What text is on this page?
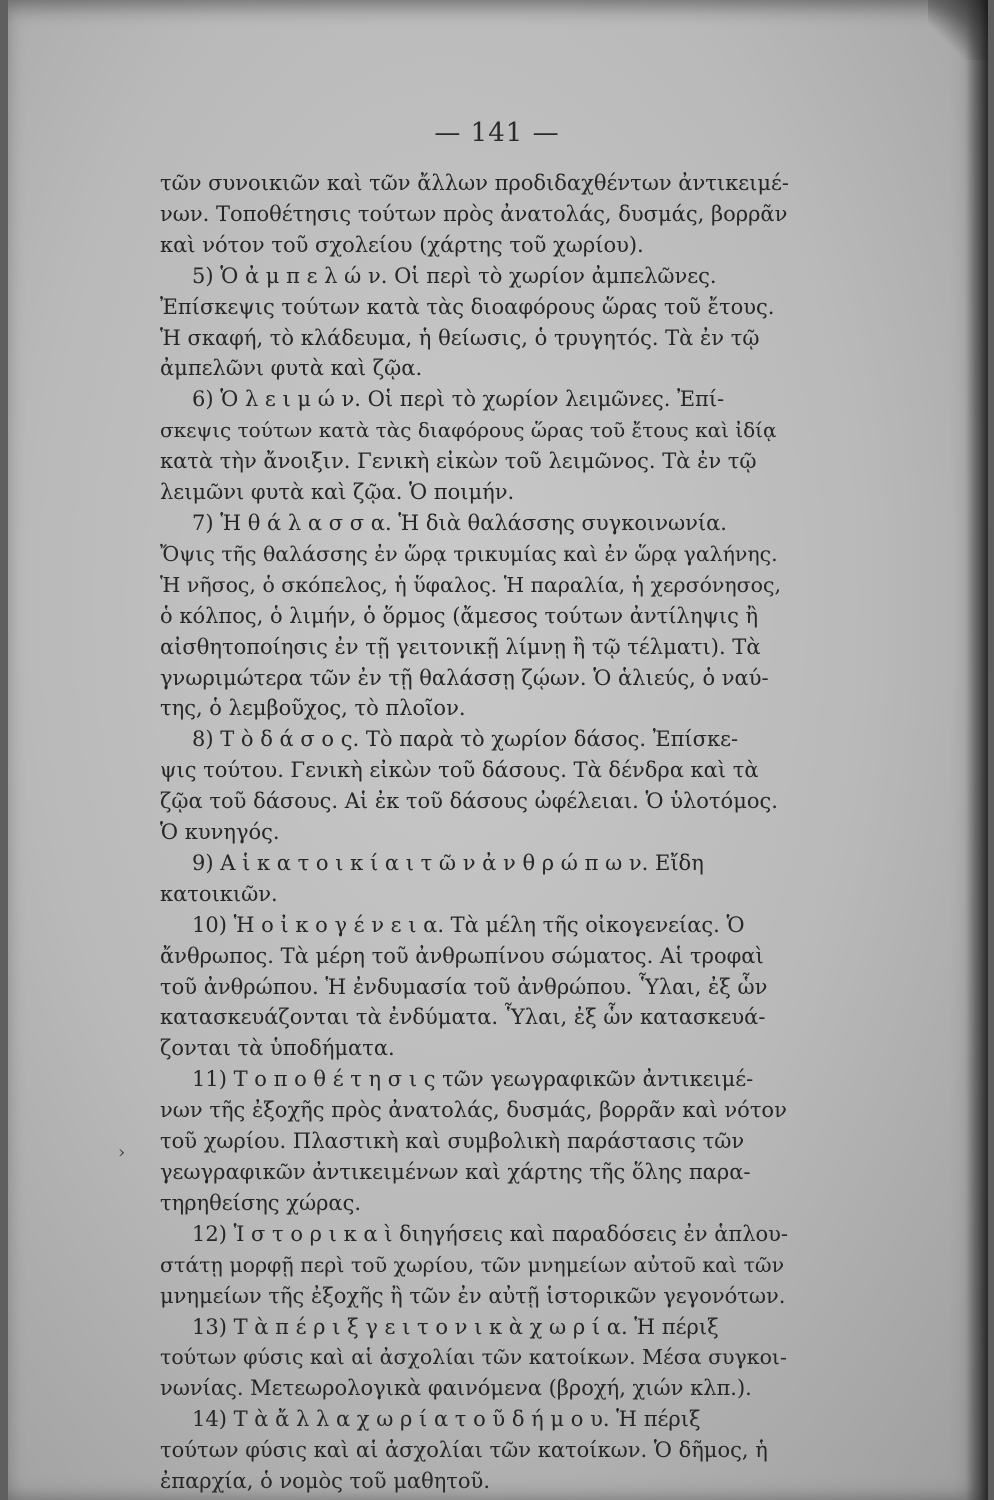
— 141 —
›
τῶν συνοικιῶν καὶ τῶν ἄλλων προδιδαχθέντων ἀντικειμέ-
νων. Τοποθέτησις τούτων πρὸς ἀνατολάς, δυσμάς, βορρᾶν
καὶ νότον τοῦ σχολείου (χάρτης τοῦ χωρίου).
5) Ὁ ἀ μ π ε λ ώ ν. Οἱ περὶ τὸ χωρίον ἀμπελῶνες.
Ἐπίσκεψις τούτων κατὰ τὰς διοαφόρους ὥρας τοῦ ἔτους.
Ἡ σκαφή, τὸ κλάδευμα, ἡ θείωσις, ὁ τρυγητός. Τὰ ἐν τῷ
ἀμπελῶνι φυτὰ καὶ ζῷα.
6) Ὁ λ ε ι μ ώ ν. Οἱ περὶ τὸ χωρίον λειμῶνες. Ἐπί-
σκεψις τούτων κατὰ τὰς διαφόρους ὥρας τοῦ ἔτους καὶ ἰδίᾳ
κατὰ τὴν ἄνοιξιν. Γενικὴ εἰκὼν τοῦ λειμῶνος. Τὰ ἐν τῷ
λειμῶνι φυτὰ καὶ ζῷα. Ὁ ποιμήν.
7) Ἡ θ ά λ α σ σ α. Ἡ διὰ θαλάσσης συγκοινωνία.
Ὄψις τῆς θαλάσσης ἐν ὥρᾳ τρικυμίας καὶ ἐν ὥρᾳ γαλήνης.
Ἡ νῆσος, ὁ σκόπελος, ἡ ὕφαλος. Ἡ παραλία, ἡ χερσόνησος,
ὁ κόλπος, ὁ λιμήν, ὁ ὅρμος (ἄμεσος τούτων ἀντίληψις ἢ
αἰσθητοποίησις ἐν τῇ γειτονικῇ λίμνῃ ἢ τῷ τέλματι). Τὰ
γνωριμώτερα τῶν ἐν τῇ θαλάσσῃ ζῴων. Ὁ ἁλιεύς, ὁ ναύ-
της, ὁ λεμβοῦχος, τὸ πλοῖον.
8) Τ ὸ δ ά σ ο ς. Τὸ παρὰ τὸ χωρίον δάσος. Ἐπίσκε-
ψις τούτου. Γενικὴ εἰκὼν τοῦ δάσους. Τὰ δένδρα καὶ τὰ
ζῷα τοῦ δάσους. Αἱ ἐκ τοῦ δάσους ὠφέλειαι. Ὁ ὑλοτόμος.
Ὁ κυνηγός.
9) Α ἱ κ α τ ο ι κ ί α ι τ ῶ ν ἀ ν θ ρ ώ π ω ν. Εἴδη
κατοικιῶν.
10) Ἡ ο ἰ κ ο γ έ ν ε ι α. Τὰ μέλη τῆς οἰκογενείας. Ὁ
ἄνθρωπος. Τὰ μέρη τοῦ ἀνθρωπίνου σώματος. Αἱ τροφαὶ
τοῦ ἀνθρώπου. Ἡ ἐνδυμασία τοῦ ἀνθρώπου. Ὗλαι, ἐξ ὧν
κατασκευάζονται τὰ ἐνδύματα. Ὗλαι, ἐξ ὧν κατασκευά-
ζονται τὰ ὑποδήματα.
11) Τ ο π ο θ έ τ η σ ι ς τῶν γεωγραφικῶν ἀντικειμέ-
νων τῆς ἐξοχῆς πρὸς ἀνατολάς, δυσμάς, βορρᾶν καὶ νότον
τοῦ χωρίου. Πλαστικὴ καὶ συμβολικὴ παράστασις τῶν
γεωγραφικῶν ἀντικειμένων καὶ χάρτης τῆς ὅλης παρα-
τηρηθείσης χώρας.
12) Ἱ σ τ ο ρ ι κ α ὶ διηγήσεις καὶ παραδόσεις ἐν ἁπλου-
στάτῃ μορφῇ περὶ τοῦ χωρίου, τῶν μνημείων αὐτοῦ καὶ τῶν
μνημείων τῆς ἐξοχῆς ἢ τῶν ἐν αὐτῇ ἱστορικῶν γεγονότων.
13) Τ ὰ π έ ρ ι ξ γ ε ι τ ο ν ι κ ὰ χ ω ρ ί α. Ἡ πέριξ
τούτων φύσις καὶ αἱ ἀσχολίαι τῶν κατοίκων. Μέσα συγκοι-
νωνίας. Μετεωρολογικὰ φαινόμενα (βροχή, χιών κλπ.).
14) Τ ὰ ἄ λ λ α χ ω ρ ί α τ ο ῦ δ ή μ ο υ. Ἡ πέριξ
τούτων φύσις καὶ αἱ ἀσχολίαι τῶν κατοίκων. Ὁ δῆμος, ἡ
ἐπαρχία, ὁ νομὸς τοῦ μαθητοῦ.
